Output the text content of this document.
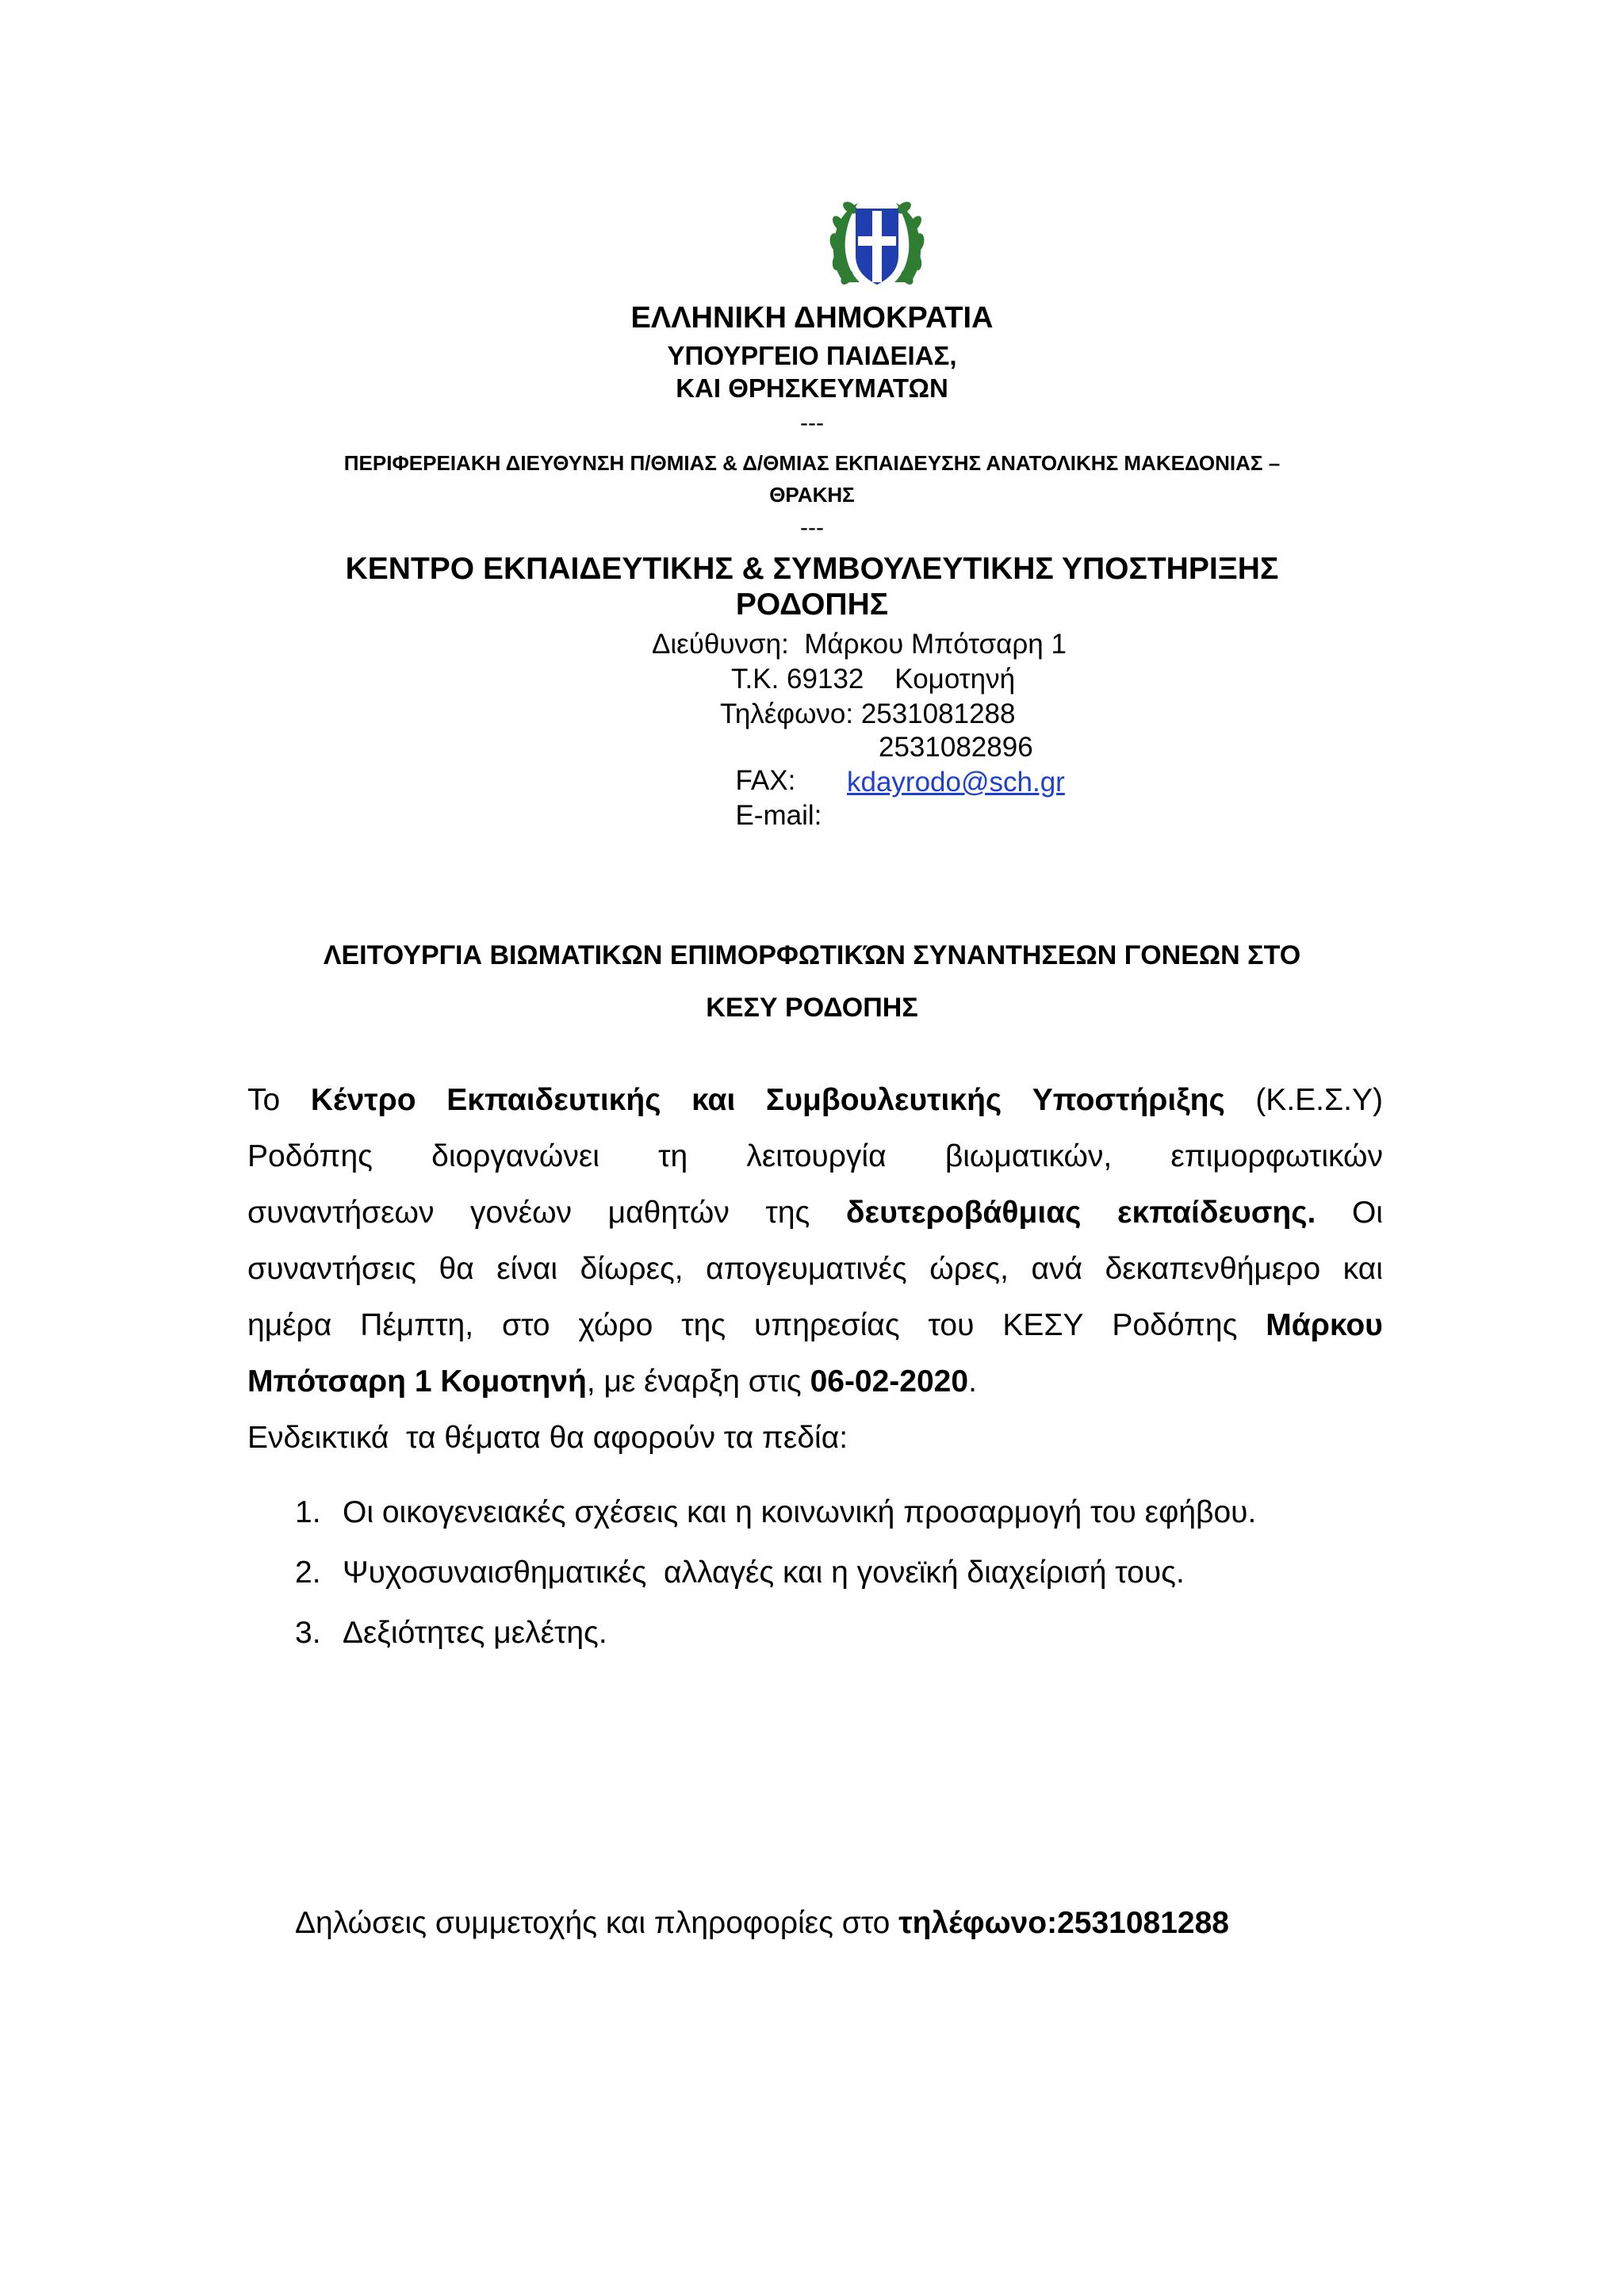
ΕΛΛΗΝΙΚΗ ΔΗΜΟΚΡΑΤΙΑ
ΥΠΟΥΡΓΕΙΟ ΠΑΙΔΕΙΑΣ,
ΚΑΙ ΘΡΗΣΚΕΥΜΑΤΩΝ
---
ΠΕΡΙΦΕΡΕΙΑΚΗ ΔΙΕΥΘΥΝΣΗ Π/ΘΜΙΑΣ & Δ/ΘΜΙΑΣ ΕΚΠΑΙΔΕΥΣΗΣ ΑΝΑΤΟΛΙΚΗΣ ΜΑΚΕΔΟΝΙΑΣ –
ΘΡΑΚΗΣ
---
ΚΕΝΤΡΟ ΕΚΠΑΙΔΕΥΤΙΚΗΣ & ΣΥΜΒΟΥΛΕΥΤΙΚΗΣ ΥΠΟΣΤΗΡΙΞΗΣ
ΡΟΔΟΠΗΣ
Διεύθυνση:  Μάρκου Μπότσαρη 1
Τ.Κ. 69132    Κομοτηνή
Τηλέφωνο: 2531081288

FAX:

2531082896

E-mail:

kdayrodo@sch.gr

ΛΕΙΤΟΥΡΓΙΑ ΒΙΩΜΑΤΙΚΩΝ ΕΠΙΜΟΡΦΩΤΙΚΏΝ ΣΥΝΑΝΤΗΣΕΩΝ ΓΟΝΕΩΝ ΣΤΟ
ΚΕΣΥ ΡΟΔΟΠΗΣ
Το Κέντρο Εκπαιδευτικής και Συμβουλευτικής Υποστήριξης (Κ.Ε.Σ.Υ)
Ροδόπης διοργανώνει τη λειτουργία βιωματικών, επιμορφωτικών
συναντήσεων γονέων μαθητών της δευτεροβάθμιας εκπαίδευσης. Οι
συναντήσεις θα είναι δίωρες, απογευματινές ώρες, ανά δεκαπενθήμερο και
ημέρα Πέμπτη, στο χώρο της υπηρεσίας του ΚΕΣΥ Ροδόπης Μάρκου
Μπότσαρη 1 Κομοτηνή, με έναρξη στις 06-02-2020.
Ενδεικτικά  τα θέματα θα αφορούν τα πεδία:
1. Οι οικογενειακές σχέσεις και η κοινωνική προσαρμογή του εφήβου.
2. Ψυχοσυναισθηματικές  αλλαγές και η γονεϊκή διαχείρισή τους.
3. Δεξιότητες μελέτης.
Δηλώσεις συμμετοχής και πληροφορίες στο τηλέφωνο:2531081288
